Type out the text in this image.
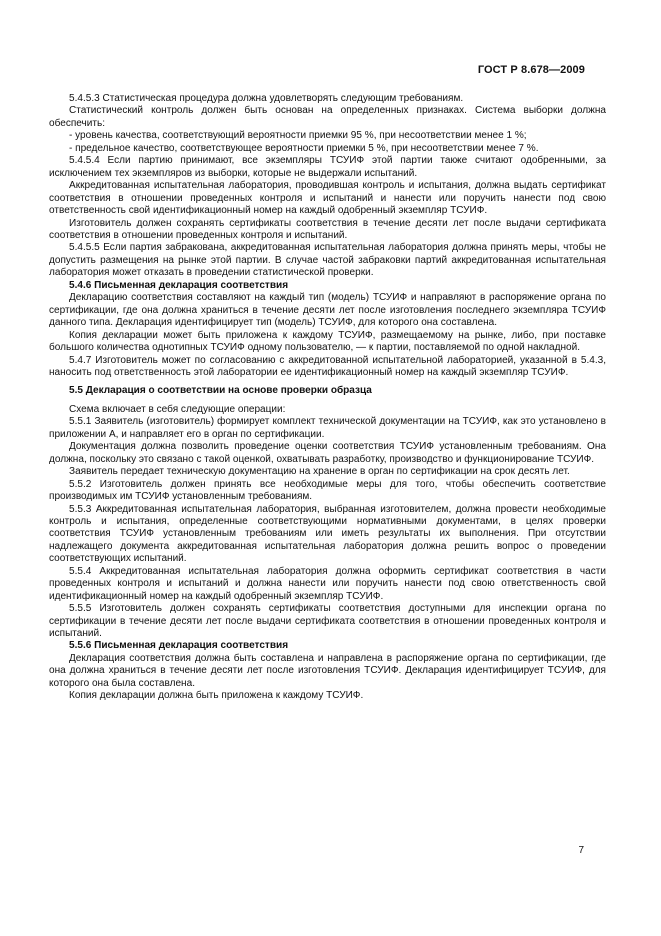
ГОСТ Р 8.678—2009

5.4.5.3 Статистическая процедура должна удовлетворять следующим требованиям.

Статистический контроль должен быть основан на определенных признаках. Система выборки должна обеспечить:

- уровень качества, соответствующий вероятности приемки 95 %, при несоответствии менее 1 %;

- предельное качество, соответствующее вероятности приемки 5 %, при несоответствии менее 7 %.

5.4.5.4 Если партию принимают, все экземпляры ТСУИФ этой партии также считают одобренными, за исключением тех экземпляров из выборки, которые не выдержали испытаний.

Аккредитованная испытательная лаборатория, проводившая контроль и испытания, должна выдать сертификат соответствия в отношении проведенных контроля и испытаний и нанести или поручить нанести под свою ответственность свой идентификационный номер на каждый одобренный экземпляр ТСУИФ.

Изготовитель должен сохранять сертификаты соответствия в течение десяти лет после выдачи сертификата соответствия в отношении проведенных контроля и испытаний.

5.4.5.5 Если партия забракована, аккредитованная испытательная лаборатория должна принять меры, чтобы не допустить размещения на рынке этой партии. В случае частой забраковки партий аккредитованная испытательная лаборатория может отказать в проведении статистической проверки.

5.4.6 Письменная декларация соответствия

Декларацию соответствия составляют на каждый тип (модель) ТСУИФ и направляют в распоряжение органа по сертификации, где она должна храниться в течение десяти лет после изготовления последнего экземпляра ТСУИФ данного типа. Декларация идентифицирует тип (модель) ТСУИФ, для которого она составлена.

Копия декларации может быть приложена к каждому ТСУИФ, размещаемому на рынке, либо, при поставке большого количества однотипных ТСУИФ одному пользователю, — к партии, поставляемой по одной накладной.

5.4.7 Изготовитель может по согласованию с аккредитованной испытательной лабораторией, указанной в 5.4.3, наносить под ответственность этой лаборатории ее идентификационный номер на каждый экземпляр ТСУИФ.

5.5 Декларация о соответствии на основе проверки образца

Схема включает в себя следующие операции:

5.5.1 Заявитель (изготовитель) формирует комплект технической документации на ТСУИФ, как это установлено в приложении А, и направляет его в орган по сертификации.

Документация должна позволить проведение оценки соответствия ТСУИФ установленным требованиям. Она должна, поскольку это связано с такой оценкой, охватывать разработку, производство и функционирование ТСУИФ.

Заявитель передает техническую документацию на хранение в орган по сертификации на срок десять лет.

5.5.2 Изготовитель должен принять все необходимые меры для того, чтобы обеспечить соответствие производимых им ТСУИФ установленным требованиям.

5.5.3 Аккредитованная испытательная лаборатория, выбранная изготовителем, должна провести необходимые контроль и испытания, определенные соответствующими нормативными документами, в целях проверки соответствия ТСУИФ установленным требованиям или иметь результаты их выполнения. При отсутствии надлежащего документа аккредитованная испытательная лаборатория должна решить вопрос о проведении соответствующих испытаний.

5.5.4 Аккредитованная испытательная лаборатория должна оформить сертификат соответствия в части проведенных контроля и испытаний и должна нанести или поручить нанести под свою ответственность свой идентификационный номер на каждый одобренный экземпляр ТСУИФ.

5.5.5 Изготовитель должен сохранять сертификаты соответствия доступными для инспекции органа по сертификации в течение десяти лет после выдачи сертификата соответствия в отношении проведенных контроля и испытаний.

5.5.6 Письменная декларация соответствия

Декларация соответствия должна быть составлена и направлена в распоряжение органа по сертификации, где она должна храниться в течение десяти лет после изготовления ТСУИФ. Декларация идентифицирует ТСУИФ, для которого она была составлена.

Копия декларации должна быть приложена к каждому ТСУИФ.

7
